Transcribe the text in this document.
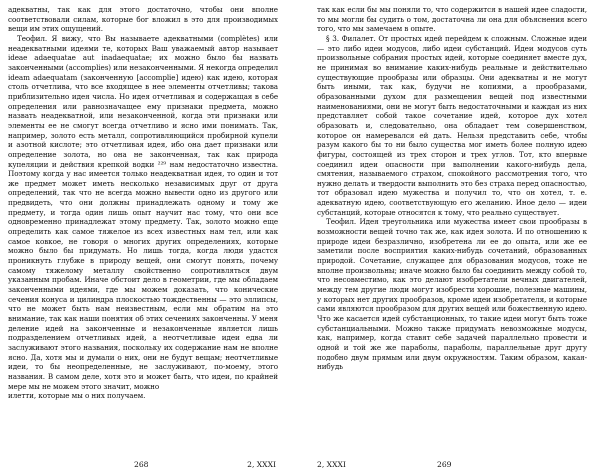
адекватны, так как для этого достаточно, чтобы они вполне соответствовали силам, которые бог вложил в это для производимых вещи им этих ощущений.

Теофил. Я вижу, что Вы называете адекватными (complètes) или неадекватными идеями те, которых Ваш уважаемый автор называет ideae adaequatae aut inadaequatae; их можно было бы назвать законченными (accomplies) или незаконченными. Я некогда определил ideam adaequatam (законченную [accomplie] идею) как идею, которая столь отчетлива, что все входящее в нее элементы отчетливы; такова приблизительно идея числа. Но идея отчетливая и содержащая в себе определения или равнозначащее ему признаки предмета, можно назвать неадекватной, или незаконченной, когда эти признаки или элементы ее не смогут всегда отчетливо и ясно ими понимать. Так, например, золото есть металл, сопротивляющийся пробирной купели и азотной кислоте; это отчетливая идея, ибо она дает признаки или определение золота, но она не законченная, так как природа купеляции и действия крепкой водки ²²⁹ нам недостаточно известна. Поэтому когда у нас имеется только неадекватная идея, то один и тот же предмет может иметь несколько независимых друг от друга определений, так что не всегда можно вывести одно из другого или предвидеть, что они должны принадлежать одному и тому же предмету, и тогда один лишь опыт научит нас тому, что они все одновременно принадлежат этому предмету. Так, золото можно еще определить как самое тяжелое из всех известных нам тел, или как самое ковкое, не говоря о многих других определениях, которые можно было бы придумать. Но лишь тогда, когда люди удастся проникнуть глубже в природу вещей, они смогут понять, почему самому тяжелому металлу свойственно сопротивляться двум указанным пробам. Иначе обстоит дело в геометрии, где мы обладаем законченными идеями, где мы можем доказать, что конические сечения конуса и цилиндра плоскостью тождественны — это эллипсы, что не может быть нам неизвестным, если мы обратим на это внимание, так как наши понятия об этих сечениях законченны. У меня деление идей на законченные и незаконченные является лишь подразделением отчетливых идей, а неотчетливые идеи едва ли заслуживают этого названия, поскольку их содержание нам не вполне ясно. Да, хотя мы и думали о них, они не будут вещам; неотчетливые идеи, то бы неопределенные, не заслуживают, по-моему, этого названия. В самом деле, хотя это и может быть, что идеи, по крайней мере мы не можем этого значит, можно

илетти, которые мы о них получаем.

268	2, XXXI

так как если бы мы поняли то, что содержится в нашей идее сладости, то мы могли бы судить о том, достаточна ли она для объяснения всего того, что мы замечаем в опыте.

§ 3. Филалет. От простых идей перейдем к сложным. Сложные идеи — это либо идеи модусов, либо идеи субстанций. Идеи модусов суть произвольные собрания простых идей, которые соединяет вместе дух, не принимая во внимание каких-нибудь реальные и действительно существующие прообразы или образцы. Они адекватны и не могут быть иными, так как, будучи не копиями, а прообразами, образованными духом для размещения вещей под известными наименованиями, они не могут быть недостаточными и каждая из них представляет собой такое сочетание идей, которое дух хотел образовать и, следовательно, она обладает тем совершенством, которое он намеревался ей дать. Нельзя представить себе, чтобы разум какого бы то ни было существа мог иметь более полную идею фигуры, состоящей из трех сторон и трех углов. Тот, кто впервые соединил идеи опасности при выполнении какого-нибудь дела, смятения, называемого страхом, спокойного рассмотрения того, что нужно делать и твердости выполнить это без страха перед опасностью, тот образовал идею мужества и получил то, что он хотел, т. е. адекватную идею, соответствующую его желанию. Иное дело — идеи субстанций, которые относятся к тому, что реально существует.

Теофил. Идея треугольника или мужества имеет свои прообразы в возможности вещей точно так же, как идея золота. И по отношению к природе идеи безразлично, изобретена ли ее до опыта, или же ее заметили после восприятия каких-нибудь сочетаний, образованных природой. Сочетание, служащее для образования модусов, тоже не вполне произвольны; иначе можно было бы соединить между собой то, что несовместимо, как это делают изобретатели вечных двигателей, между тем другие люди могут изобрести хорошие, полезные машины, у которых нет других прообразов, кроме идеи изобретателя, и которые сами являются прообразом для других вещей или божественную идею. Что же касается идей субстанционных, то такие идеи могут быть тоже субстанциальными. Можно также придумать невозможные модусы, как, например, когда ставят себе задачей параллельно провести и одной и той же же параболы, параболы, параллельные друг другу подобно двум прямым или двум окружностям. Таким образом, какая-нибудь

2, XXXI	269
